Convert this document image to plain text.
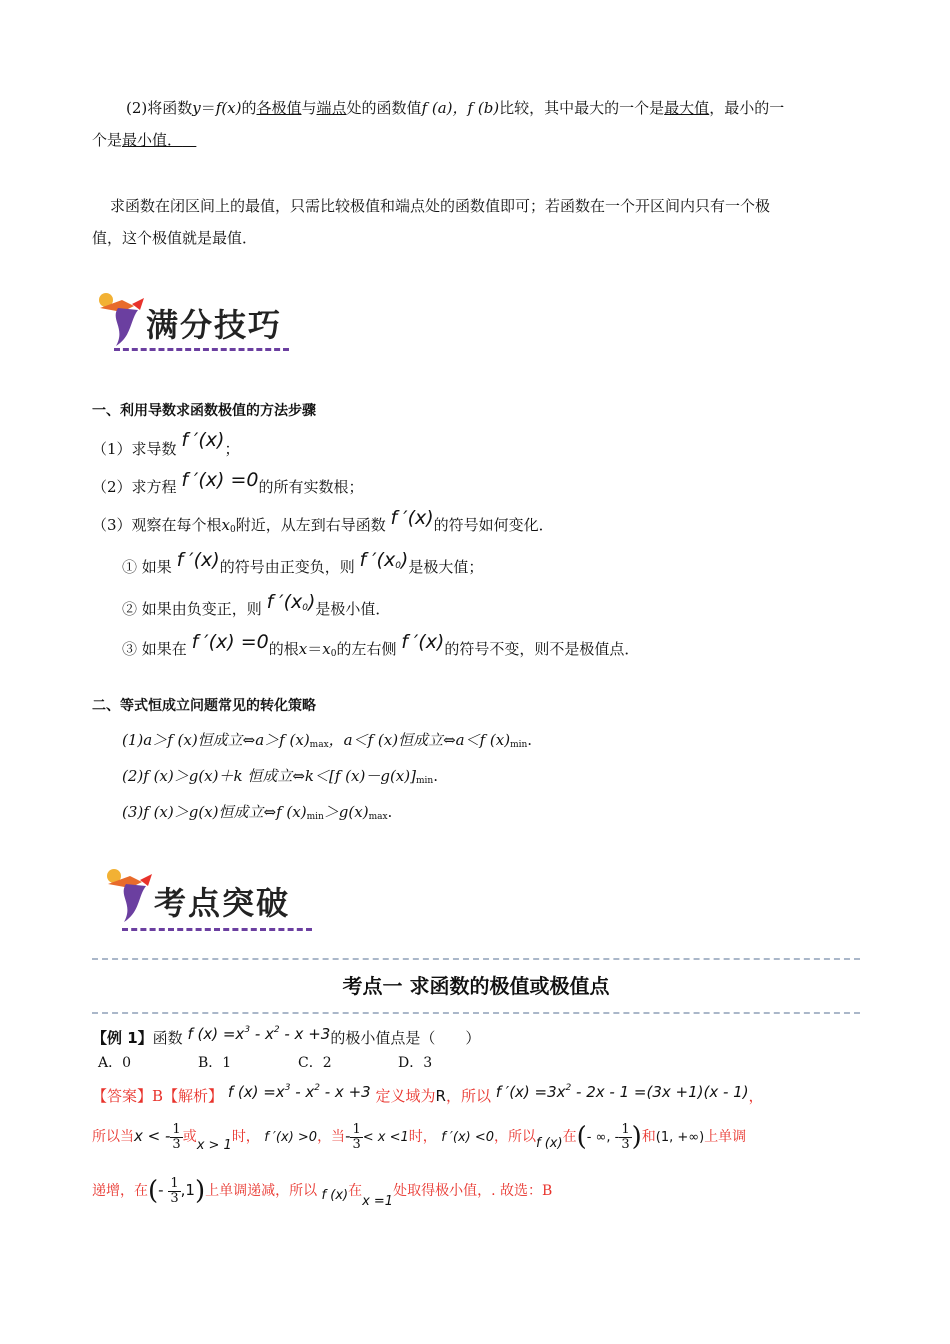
(2)将函数y＝f(x)的各极值与端点处的函数值f (a)，f (b)比较，其中最大的一个是最大值，最小的一
个是最小值．
求函数在闭区间上的最值，只需比较极值和端点处的函数值即可；若函数在一个开区间内只有一个极
值，这个极值就是最值．
满分技巧
一、利用导数求函数极值的方法步骤
（1）求导数 f ′(x)；
（2）求方程 f ′(x) =0的所有实数根；
（3）观察在每个根$x_0$附近，从左到右导函数 f ′(x)的符号如何变化．
① 如果 f ′(x)的符号由正变负，则 f $'(x_0)$是极大值；
② 如果由负变正，则 f $'(x_0)$是极小值．
③ 如果在 f ′(x) =0的根$x=x_0$的左右侧 f ′(x)的符号不变，则不是极值点．
二、等式恒成立问题常见的转化策略
(1)a＞f (x)恒成立⇔a＞f $(x)_{max}$，a＜f (x)恒成立⇔a＜f $(x)_{min}$.
(2)f (x)＞g(x)＋k 恒成立⇔k＜[f $(x)-g(x)]_{min}$.
(3)f (x)＞g(x)恒成立⇔f $(x)_{min}>g(x)_{max}$.
考点突破
考点一 求函数的极值或极值点
【例 1】函数 f $(x) =x^3 - x^2 - x +3$的极小值点是（　　）
A．0	B．1	C．2	D．3
【答案】B【解析】 f $(x) =x^3 - x^2 - x +3$ 定义域为R，所以 f $'(x) =3x^2 - 2x - 1 =(3x +1)(x - 1)$，
所以当x < - $\frac{1}{3}$ 或x > 1时， f ′(x) >0，当- $\frac{1}{3} < x <1$时， f ′(x) <0，所以f (x)在(- ∞, - $\frac{1}{3}$ )和(1, +∞)上单调
递增，在(- $\frac{1}{3} ,1$)上单调递减，所以 f (x)在x =1处取得极小值，. 故选：B
